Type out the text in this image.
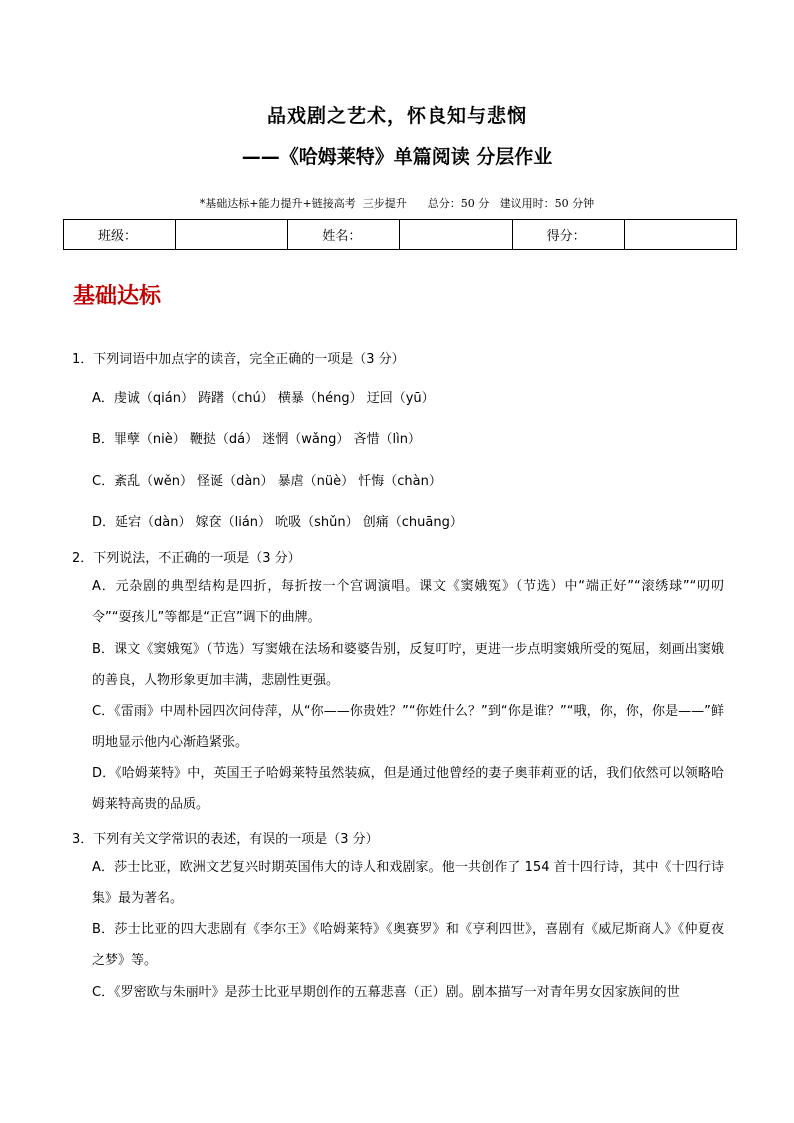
品戏剧之艺术，怀良知与悲悯
——《哈姆莱特》单篇阅读 分层作业
*基础达标+能力提升+链接高考  三步提升      总分：50 分   建议用时：50 分钟
班级：		姓名：		得分：	
基础达标
1．下列词语中加点字的读音，完全正确的一项是（3 分）
A．虔诚（qián） 踌躇（chú） 横暴（héng） 迂回（yū）
B．罪孽（niè） 鞭挞（dá） 迷惘（wǎng） 吝惜（lìn）
C．紊乱（wěn） 怪诞（dàn） 暴虐（nüè） 忏悔（chàn）
D．延宕（dàn） 嫁奁（lián） 吮吸（shǔn） 创痛（chuāng）
2．下列说法，不正确的一项是（3 分）
A．元杂剧的典型结构是四折，每折按一个宫调演唱。课文《窦娥冤》（节选）中“端正好”“滚绣球”“叨叨令”“耍孩儿”等都是“正宫”调下的曲牌。
B．课文《窦娥冤》（节选）写窦娥在法场和婆婆告别，反复叮咛，更进一步点明窦娥所受的冤屈，刻画出窦娥的善良，人物形象更加丰满，悲剧性更强。
C．《雷雨》中周朴园四次问侍萍，从“你——你贵姓？”“你姓什么？”到“你是谁？”“哦，你，你，你是——”鲜明地显示他内心渐趋紧张。
D．《哈姆莱特》中，英国王子哈姆莱特虽然装疯，但是通过他曾经的妻子奥菲莉亚的话，我们依然可以领略哈姆莱特高贵的品质。
3．下列有关文学常识的表述，有误的一项是（3 分）
A．莎士比亚，欧洲文艺复兴时期英国伟大的诗人和戏剧家。他一共创作了 154 首十四行诗，其中《十四行诗集》最为著名。
B．莎士比亚的四大悲剧有《李尔王》《哈姆莱特》《奥赛罗》和《亨利四世》，喜剧有《威尼斯商人》《仲夏夜之梦》等。
C．《罗密欧与朱丽叶》是莎士比亚早期创作的五幕悲喜（正）剧。剧本描写一对青年男女因家族间的世
